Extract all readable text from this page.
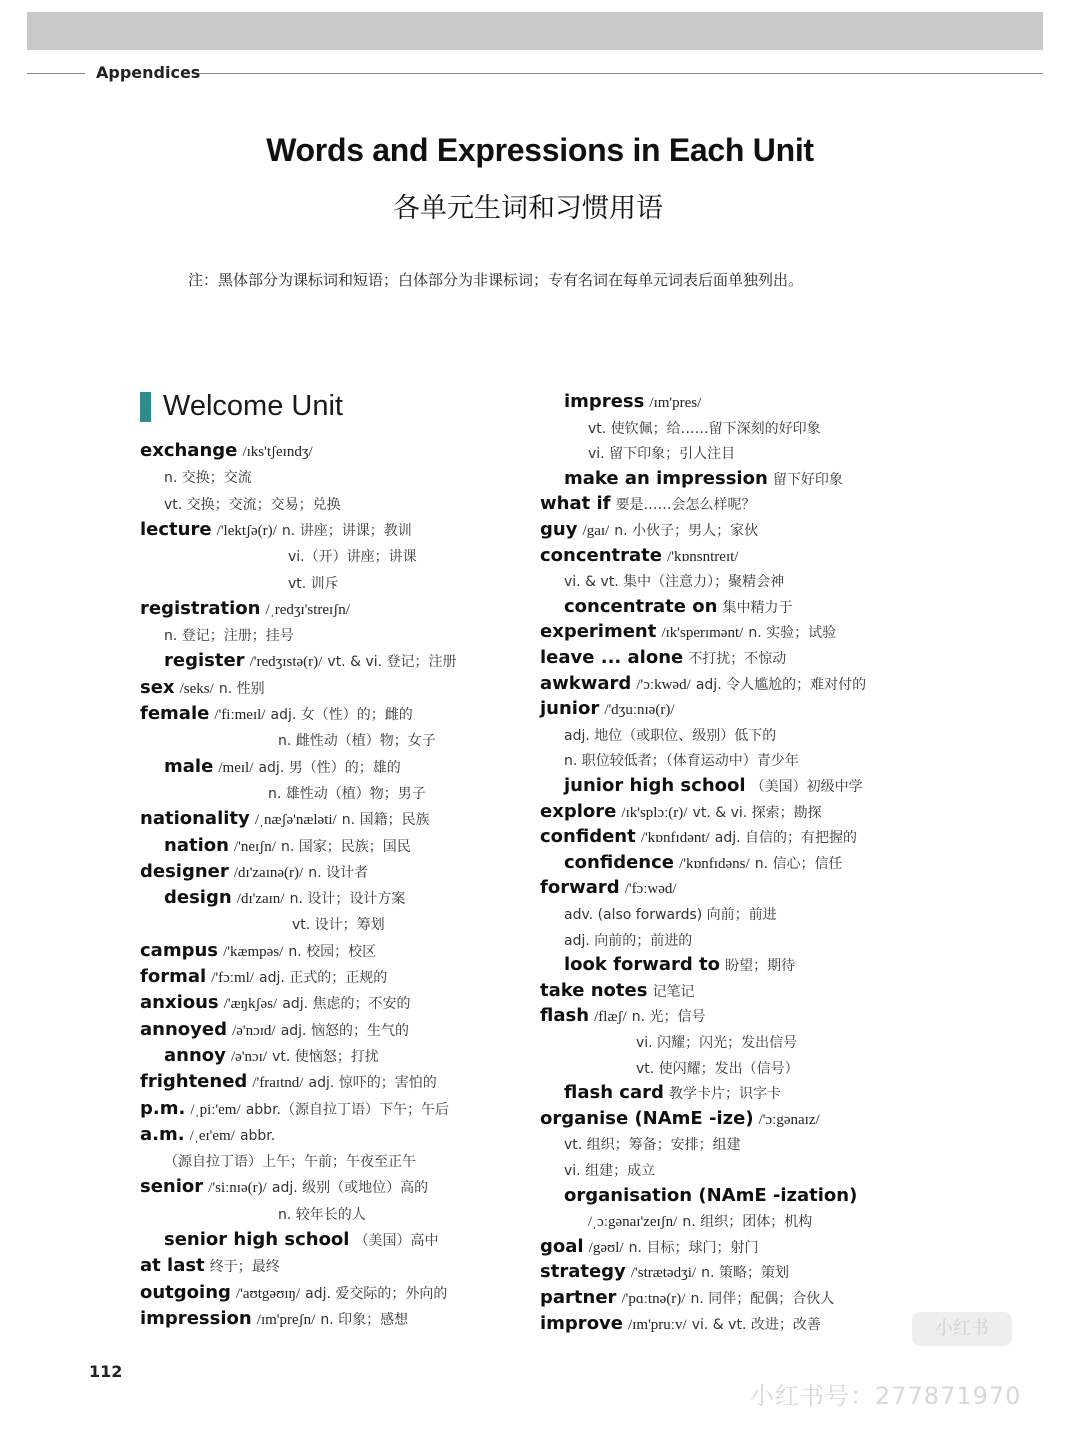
Appendices
Words and Expressions in Each Unit
各单元生词和习惯用语
注：黑体部分为课标词和短语；白体部分为非课标词；专有名词在每单元词表后面单独列出。
Welcome Unit
exchange /ɪks'tʃeɪndʒ/
n. 交换；交流
vt. 交换；交流；交易；兑换
lecture /'lektʃə(r)/ n. 讲座；讲课；教训
vi.（开）讲座；讲课
vt. 训斥
registration /ˌredʒɪ'streɪʃn/
n. 登记；注册；挂号
register /'redʒɪstə(r)/ vt. & vi. 登记；注册
sex /seks/ n. 性别
female /'fiːmeɪl/ adj. 女（性）的；雌的
n. 雌性动（植）物；女子
male /meɪl/ adj. 男（性）的；雄的
n. 雄性动（植）物；男子
nationality /ˌnæʃə'næləti/ n. 国籍；民族
nation /'neɪʃn/ n. 国家；民族；国民
designer /dɪ'zaɪnə(r)/ n. 设计者
design /dɪ'zaɪn/ n. 设计；设计方案
vt. 设计；筹划
campus /'kæmpəs/ n. 校园；校区
formal /'fɔːml/ adj. 正式的；正规的
anxious /'æŋkʃəs/ adj. 焦虑的；不安的
annoyed /ə'nɔɪd/ adj. 恼怒的；生气的
annoy /ə'nɔɪ/ vt. 使恼怒；打扰
frightened /'fraɪtnd/ adj. 惊吓的；害怕的
p.m. /ˌpiː'em/ abbr.（源自拉丁语）下午；午后
a.m. /ˌeɪ'em/ abbr.
（源自拉丁语）上午；午前；午夜至正午
senior /'siːnɪə(r)/ adj. 级别（或地位）高的
n. 较年长的人
senior high school （美国）高中
at last 终于；最终
outgoing /'aʊtgəʊɪŋ/ adj. 爱交际的；外向的
impression /ɪm'preʃn/ n. 印象；感想
impress /ɪm'pres/
vt. 使钦佩；给……留下深刻的好印象
vi. 留下印象；引人注目
make an impression 留下好印象
what if 要是……会怎么样呢？
guy /gaɪ/ n. 小伙子；男人；家伙
concentrate /'kɒnsntreɪt/
vi. & vt. 集中（注意力）；聚精会神
concentrate on 集中精力于
experiment /ɪk'sperɪmənt/ n. 实验；试验
leave ... alone 不打扰；不惊动
awkward /'ɔːkwəd/ adj. 令人尴尬的；难对付的
junior /'dʒuːnɪə(r)/
adj. 地位（或职位、级别）低下的
n. 职位较低者；（体育运动中）青少年
junior high school （美国）初级中学
explore /ɪk'splɔː(r)/ vt. & vi. 探索；勘探
confident /'kɒnfɪdənt/ adj. 自信的；有把握的
confidence /'kɒnfɪdəns/ n. 信心；信任
forward /'fɔːwəd/
adv. (also forwards) 向前；前进
adj. 向前的；前进的
look forward to 盼望；期待
take notes 记笔记
flash /flæʃ/ n. 光；信号
vi. 闪耀；闪光；发出信号
vt. 使闪耀；发出（信号）
flash card 教学卡片；识字卡
organise (NAmE -ize) /'ɔːgənaɪz/
vt. 组织；筹备；安排；组建
vi. 组建；成立
organisation (NAmE -ization)
/ˌɔːgənaɪ'zeɪʃn/ n. 组织；团体；机构
goal /gəʊl/ n. 目标；球门；射门
strategy /'strætədʒi/ n. 策略；策划
partner /'pɑːtnə(r)/ n. 同伴；配偶；合伙人
improve /ɪm'pruːv/ vi. & vt. 改进；改善
112
小红书
小红书号：277871970
